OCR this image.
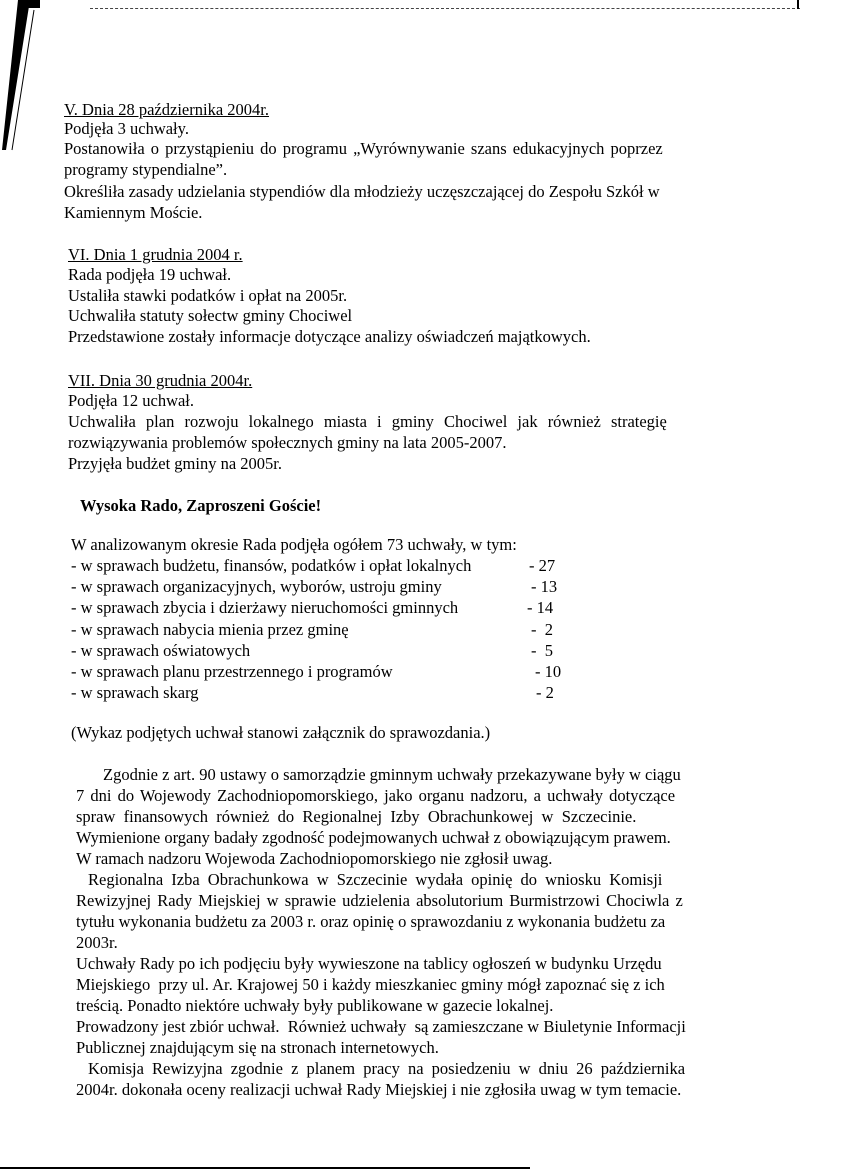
V. Dnia 28 października 2004r.
Podjęła 3 uchwały.
Postanowiła o przystąpieniu do programu „Wyrównywanie szans edukacyjnych poprzez
programy stypendialne”.
Określiła zasady udzielania stypendiów dla młodzieży uczęszczającej do Zespołu Szkół w
Kamiennym Moście.
VI. Dnia 1 grudnia 2004 r.
Rada podjęła 19 uchwał.
Ustaliła stawki podatków i opłat na 2005r.
Uchwaliła statuty sołectw gminy Chociwel
Przedstawione zostały informacje dotyczące analizy oświadczeń majątkowych.
VII. Dnia 30 grudnia 2004r.
Podjęła 12 uchwał.
Uchwaliła plan rozwoju lokalnego miasta i gminy Chociwel jak również strategię
rozwiązywania problemów społecznych gminy na lata 2005-2007.
Przyjęła budżet gminy na 2005r.
Wysoka Rado, Zaproszeni Goście!
W analizowanym okresie Rada podjęła ogółem 73 uchwały, w tym:
- w sprawach budżetu, finansów, podatków i opłat lokalnych	- 27
- w sprawach organizacyjnych, wyborów, ustroju gminy	- 13
- w sprawach zbycia i dzierżawy nieruchomości gminnych	- 14
- w sprawach nabycia mienia przez gminę	-  2
- w sprawach oświatowych	-  5
- w sprawach planu przestrzennego i programów	- 10
- w sprawach skarg	- 2
(Wykaz podjętych uchwał stanowi załącznik do sprawozdania.)
Zgodnie z art. 90 ustawy o samorządzie gminnym uchwały przekazywane były w ciągu
7 dni do Wojewody Zachodniopomorskiego, jako organu nadzoru, a uchwały dotyczące
spraw  finansowych  również  do  Regionalnej  Izby  Obrachunkowej  w  Szczecinie.
Wymienione organy badały zgodność podejmowanych uchwał z obowiązującym prawem.
W ramach nadzoru Wojewoda Zachodniopomorskiego nie zgłosił uwag.
Regionalna Izba Obrachunkowa w Szczecinie wydała opinię do wniosku Komisji
Rewizyjnej Rady Miejskiej w sprawie udzielenia absolutorium Burmistrzowi Chociwla z
tytułu wykonania budżetu za 2003 r. oraz opinię o sprawozdaniu z wykonania budżetu za
2003r.
Uchwały Rady po ich podjęciu były wywieszone na tablicy ogłoszeń w budynku Urzędu
Miejskiego  przy ul. Ar. Krajowej 50 i każdy mieszkaniec gminy mógł zapoznać się z ich
treścią. Ponadto niektóre uchwały były publikowane w gazecie lokalnej.
Prowadzony jest zbiór uchwał.  Również uchwały  są zamieszczane w Biuletynie Informacji
Publicznej znajdującym się na stronach internetowych.
Komisja Rewizyjna zgodnie z planem pracy na posiedzeniu w dniu 26 października
2004r. dokonała oceny realizacji uchwał Rady Miejskiej i nie zgłosiła uwag w tym temacie.
